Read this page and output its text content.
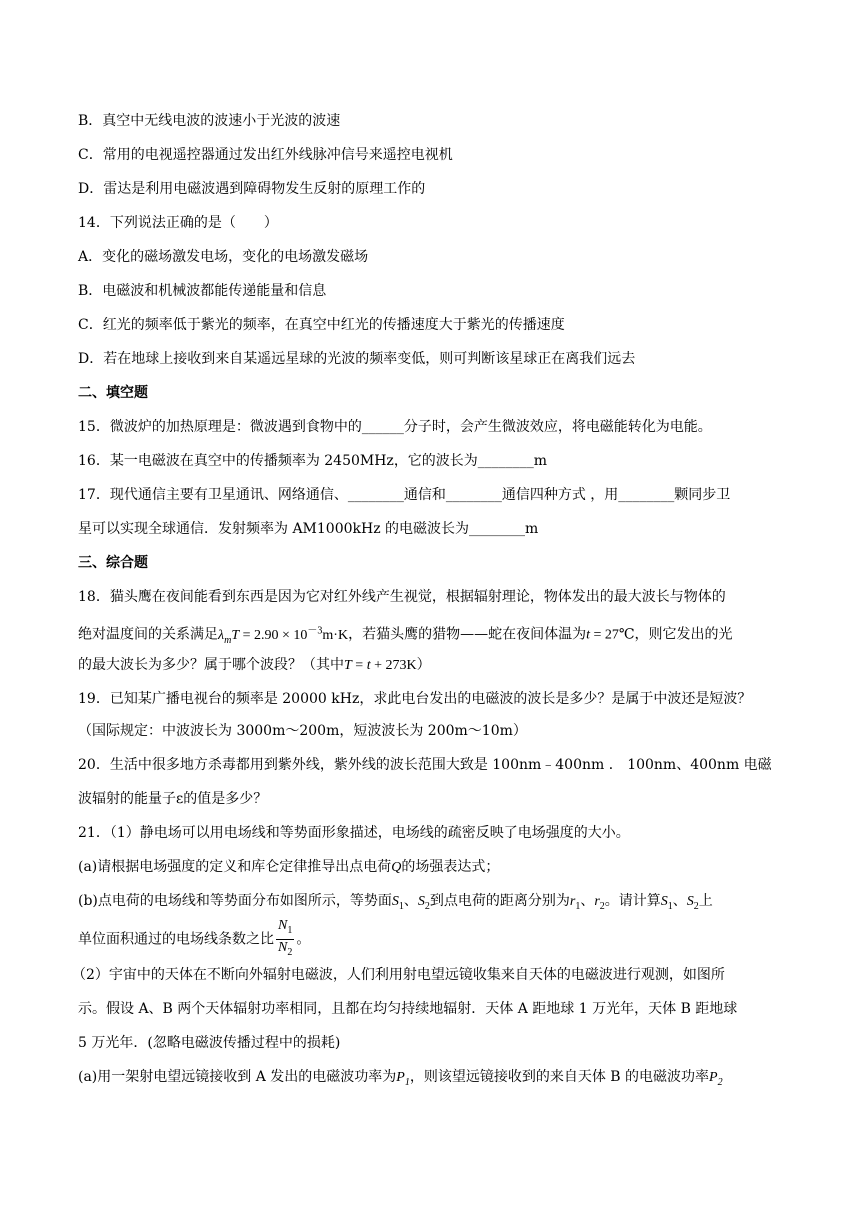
B．真空中无线电波的波速小于光波的波速
C．常用的电视遥控器通过发出红外线脉冲信号来遥控电视机
D．雷达是利用电磁波遇到障碍物发生反射的原理工作的
14．下列说法正确的是（　　）
A．变化的磁场激发电场，变化的电场激发磁场
B．电磁波和机械波都能传递能量和信息
C．红光的频率低于紫光的频率，在真空中红光的传播速度大于紫光的传播速度
D．若在地球上接收到来自某遥远星球的光波的频率变低，则可判断该星球正在离我们远去
二、填空题
15．微波炉的加热原理是：微波遇到食物中的______分子时，会产生微波效应，将电磁能转化为电能。
16．某一电磁波在真空中的传播频率为 2450MHz，它的波长为________m
17．现代通信主要有卫星通讯、网络通信、________通信和________通信四种方式 ，用________颗同步卫
星可以实现全球通信．发射频率为 AM1000kHz 的电磁波长为________m
三、综合题
18．猫头鹰在夜间能看到东西是因为它对红外线产生视觉，根据辐射理论，物体发出的最大波长与物体的
绝对温度间的关系满足$\lambda_mT = 2.90 \times 10^{-3}m\cdot K$，若猫头鹰的猎物——蛇在夜间体温为t = 27℃，则它发出的光
的最大波长为多少？属于哪个波段？（其中T = t + 273K）
19．已知某广播电视台的频率是 20000 kHz，求此电台发出的电磁波的波长是多少？是属于中波还是短波？
（国际规定：中波波长为 3000m～200m，短波波长为 200m～10m）
20．生活中很多地方杀毒都用到紫外线，紫外线的波长范围大致是 100nm﹣400nm ． 100nm、400nm 电磁
波辐射的能量子ε的值是多少？
21．（1）静电场可以用电场线和等势面形象描述，电场线的疏密反映了电场强度的大小。
(a)请根据电场强度的定义和库仑定律推导出点电荷Q的场强表达式；
(b)点电荷的电场线和等势面分布如图所示，等势面$S_1$、$S_2$到点电荷的距离分别为$r_1$、$r_2$。请计算$S_1$、$S_2$上
单位面积通过的电场线条数之比 $\frac{N_1}{N_2}$ 。
（2）宇宙中的天体在不断向外辐射电磁波，人们利用射电望远镜收集来自天体的电磁波进行观测，如图所
示。假设 A、B 两个天体辐射功率相同，且都在均匀持续地辐射．天体 A 距地球 1 万光年，天体 B 距地球
5 万光年．(忽略电磁波传播过程中的损耗)
(a)用一架射电望远镜接收到 A 发出的电磁波功率为$P_1$，则该望远镜接收到的来自天体 B 的电磁波功率$P_2$
